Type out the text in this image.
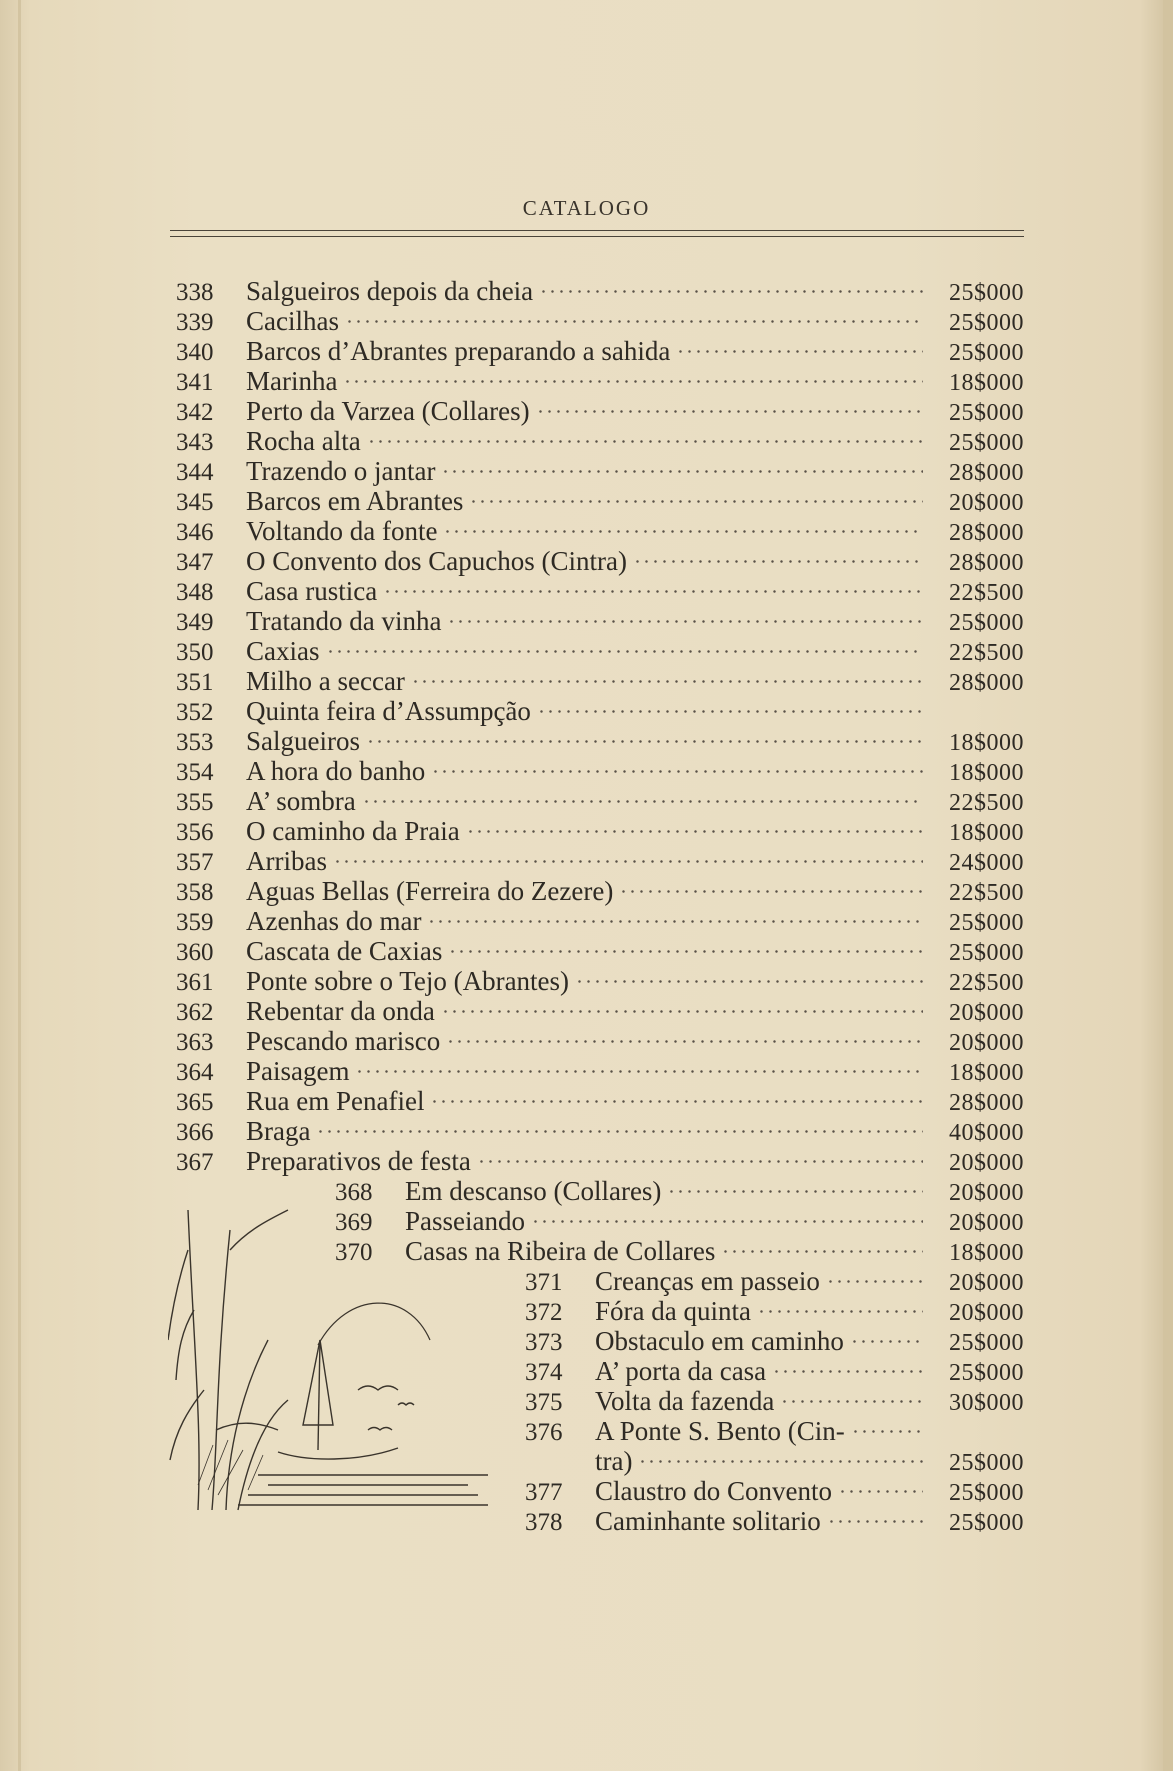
CATALOGO
338	Salgueiros depois da cheia	25$000
339	Cacilhas	25$000
340	Barcos d’Abrantes preparando a sahida	25$000
341	Marinha	18$000
342	Perto da Varzea (Collares)	25$000
343	Rocha alta	25$000
344	Trazendo o jantar	28$000
345	Barcos em Abrantes	20$000
346	Voltando da fonte	28$000
347	O Convento dos Capuchos (Cintra)	28$000
348	Casa rustica	22$500
349	Tratando da vinha	25$000
350	Caxias	22$500
351	Milho a seccar	28$000
352	Quinta feira d’Assumpção
353	Salgueiros	18$000
354	A hora do banho	18$000
355	A’ sombra	22$500
356	O caminho da Praia	18$000
357	Arribas	24$000
358	Aguas Bellas (Ferreira do Zezere)	22$500
359	Azenhas do mar	25$000
360	Cascata de Caxias	25$000
361	Ponte sobre o Tejo (Abrantes)	22$500
362	Rebentar da onda	20$000
363	Pescando marisco	20$000
364	Paisagem	18$000
365	Rua em Penafiel	28$000
366	Braga	40$000
367	Preparativos de festa	20$000
368	Em descanso (Collares)	20$000
369	Passeiando	20$000
370	Casas na Ribeira de Collares	18$000
371	Creanças em passeio	20$000
372	Fóra da quinta	20$000
373	Obstaculo em caminho	25$000
374	A’ porta da casa	25$000
375	Volta da fazenda	30$000
376	A Ponte S. Bento (Cin-
tra)	25$000
377	Claustro do Convento	25$000
378	Caminhante solitario	25$000
